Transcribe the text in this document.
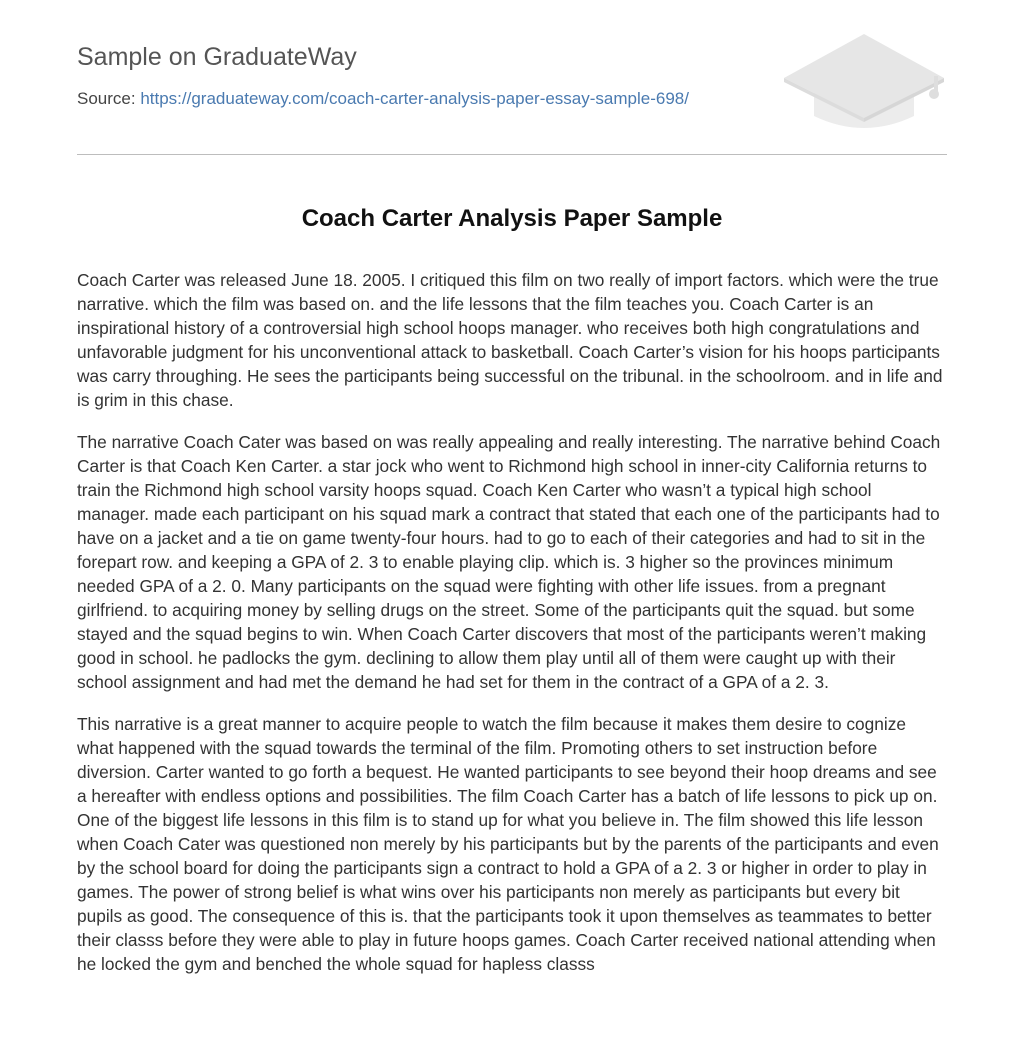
Sample on GraduateWay
Source: https://graduateway.com/coach-carter-analysis-paper-essay-sample-698/
Coach Carter Analysis Paper Sample

Coach Carter was released June 18. 2005. I critiqued this film on two really of import factors. which were the true narrative. which the film was based on. and the life lessons that the film teaches you. Coach Carter is an inspirational history of a controversial high school hoops manager. who receives both high congratulations and unfavorable judgment for his unconventional attack to basketball. Coach Carter’s vision for his hoops participants was carry throughing. He sees the participants being successful on the tribunal. in the schoolroom. and in life and is grim in this chase.

The narrative Coach Cater was based on was really appealing and really interesting. The narrative behind Coach Carter is that Coach Ken Carter. a star jock who went to Richmond high school in inner-city California returns to train the Richmond high school varsity hoops squad. Coach Ken Carter who wasn’t a typical high school manager. made each participant on his squad mark a contract that stated that each one of the participants had to have on a jacket and a tie on game twenty-four hours. had to go to each of their categories and had to sit in the forepart row. and keeping a GPA of 2. 3 to enable playing clip. which is. 3 higher so the provinces minimum needed GPA of a 2. 0. Many participants on the squad were fighting with other life issues. from a pregnant girlfriend. to acquiring money by selling drugs on the street. Some of the participants quit the squad. but some stayed and the squad begins to win. When Coach Carter discovers that most of the participants weren’t making good in school. he padlocks the gym. declining to allow them play until all of them were caught up with their school assignment and had met the demand he had set for them in the contract of a GPA of a 2. 3.

This narrative is a great manner to acquire people to watch the film because it makes them desire to cognize what happened with the squad towards the terminal of the film. Promoting others to set instruction before diversion. Carter wanted to go forth a bequest. He wanted participants to see beyond their hoop dreams and see a hereafter with endless options and possibilities. The film Coach Carter has a batch of life lessons to pick up on. One of the biggest life lessons in this film is to stand up for what you believe in. The film showed this life lesson when Coach Cater was questioned non merely by his participants but by the parents of the participants and even by the school board for doing the participants sign a contract to hold a GPA of a 2. 3 or higher in order to play in games. The power of strong belief is what wins over his participants non merely as participants but every bit pupils as good. The consequence of this is. that the participants took it upon themselves as teammates to better their classs before they were able to play in future hoops games. Coach Carter received national attending when he locked the gym and benched the whole squad for hapless classs
